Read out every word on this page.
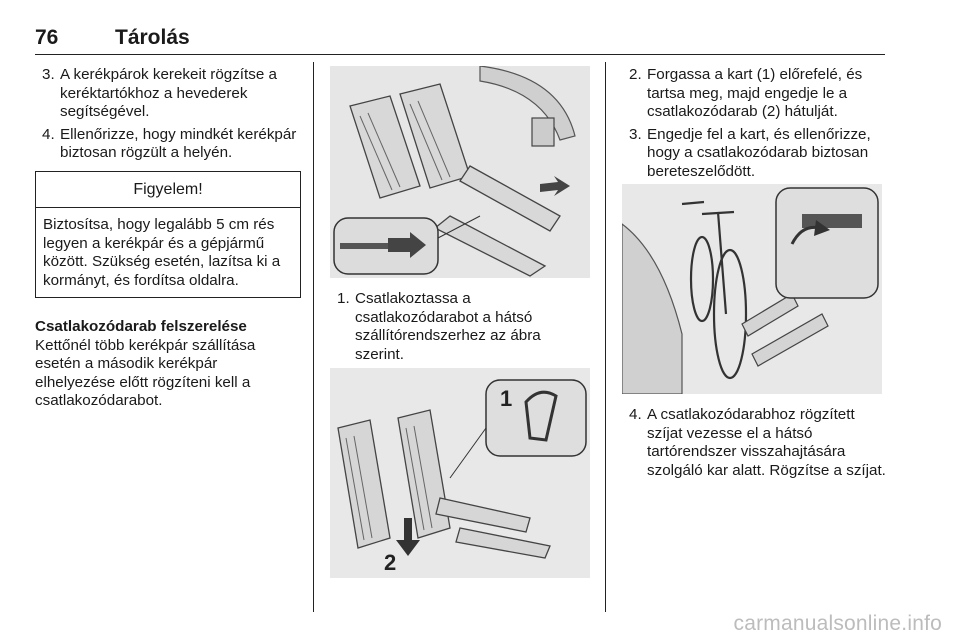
76	Tárolás
3. A kerékpárok kerekeit rögzítse a keréktartókhoz a hevederek segítségével.
4. Ellenőrizze, hogy mindkét kerékpár biztosan rögzült a helyén.
Figyelem!
Biztosítsa, hogy legalább 5 cm rés legyen a kerékpár és a gépjármű között. Szükség esetén, lazítsa ki a kormányt, és fordítsa oldalra.
Csatlakozódarab felszerelése
Kettőnél több kerékpár szállítása esetén a második kerékpár elhelyezése előtt rögzíteni kell a csatlakozódarabot.
1. Csatlakoztassa a csatlakozódarabot a hátsó szállítórendszerhez az ábra szerint.
1
2
2. Forgassa a kart (1) előrefelé, és tartsa meg, majd engedje le a csatlakozódarab (2) hátulját.
3. Engedje fel a kart, és ellenőrizze, hogy a csatlakozódarab biztosan bereteszelődött.
4. A csatlakozódarabhoz rögzített szíjat vezesse el a hátsó tartórendszer visszahajtására szolgáló kar alatt. Rögzítse a szíjat.
carmanualsonline.info
